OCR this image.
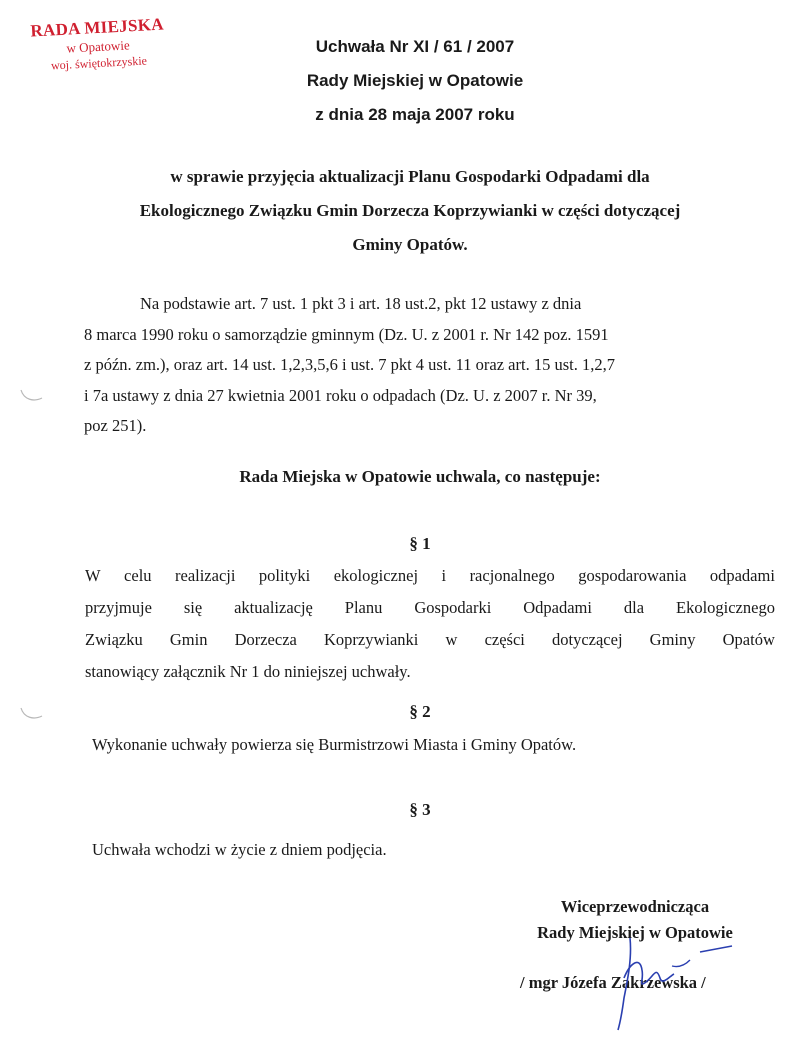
RADA MIEJSKA
w Opatowie
woj. świętokrzyskie
Uchwała Nr XI / 61 / 2007
Rady Miejskiej w Opatowie
z dnia 28 maja 2007 roku
w sprawie przyjęcia aktualizacji Planu Gospodarki Odpadami dla
Ekologicznego Związku Gmin Dorzecza Koprzywianki w części dotyczącej
Gminy Opatów.
Na podstawie art. 7 ust. 1 pkt 3 i art. 18 ust.2, pkt 12 ustawy z dnia
8 marca 1990 roku o samorządzie gminnym (Dz. U. z 2001 r. Nr 142 poz. 1591
z późn. zm.), oraz art. 14 ust. 1,2,3,5,6 i ust. 7 pkt 4 ust. 11 oraz art. 15 ust. 1,2,7
i 7a ustawy z dnia 27 kwietnia 2001 roku o odpadach (Dz. U. z 2007 r. Nr 39,
poz 251).
Rada Miejska w Opatowie uchwala, co następuje:
§ 1
W celu realizacji polityki ekologicznej i racjonalnego gospodarowania odpadami
przyjmuje się aktualizację Planu Gospodarki Odpadami dla Ekologicznego
Związku Gmin Dorzecza Koprzywianki w części dotyczącej Gminy Opatów
stanowiący załącznik Nr 1 do niniejszej uchwały.
§ 2
Wykonanie uchwały powierza się Burmistrzowi Miasta i Gminy Opatów.
§ 3
Uchwała wchodzi w życie z dniem podjęcia.
Wiceprzewodnicząca
Rady Miejskiej w Opatowie
/ mgr Józefa Zakrzewska /
